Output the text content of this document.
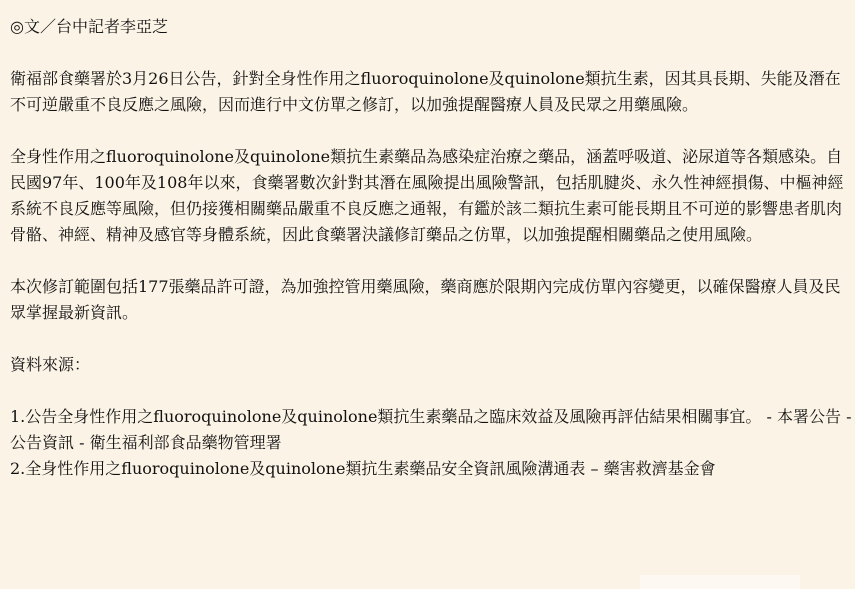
◎文／台中記者李亞芝

衛福部食藥署於3月26日公告，針對全身性作用之fluoroquinolone及quinolone類抗生素，因其具長期、失能及潛在不可逆嚴重不良反應之風險，因而進行中文仿單之修訂，以加強提醒醫療人員及民眾之用藥風險。

全身性作用之fluoroquinolone及quinolone類抗生素藥品為感染症治療之藥品，涵蓋呼吸道、泌尿道等各類感染。自民國97年、100年及108年以來，食藥署數次針對其潛在風險提出風險警訊，包括肌腱炎、永久性神經損傷、中樞神經系統不良反應等風險，但仍接獲相關藥品嚴重不良反應之通報，有鑑於該二類抗生素可能長期且不可逆的影響患者肌肉骨骼、神經、精神及感官等身體系統，因此食藥署決議修訂藥品之仿單，以加強提醒相關藥品之使用風險。

本次修訂範圍包括177張藥品許可證，為加強控管用藥風險，藥商應於限期內完成仿單內容變更，以確保醫療人員及民眾掌握最新資訊。

資料來源：

1.公告全身性作用之fluoroquinolone及quinolone類抗生素藥品之臨床效益及風險再評估結果相關事宜。 - 本署公告 - 公告資訊 - 衛生福利部食品藥物管理署

2.全身性作用之fluoroquinolone及quinolone類抗生素藥品安全資訊風險溝通表 – 藥害救濟基金會
